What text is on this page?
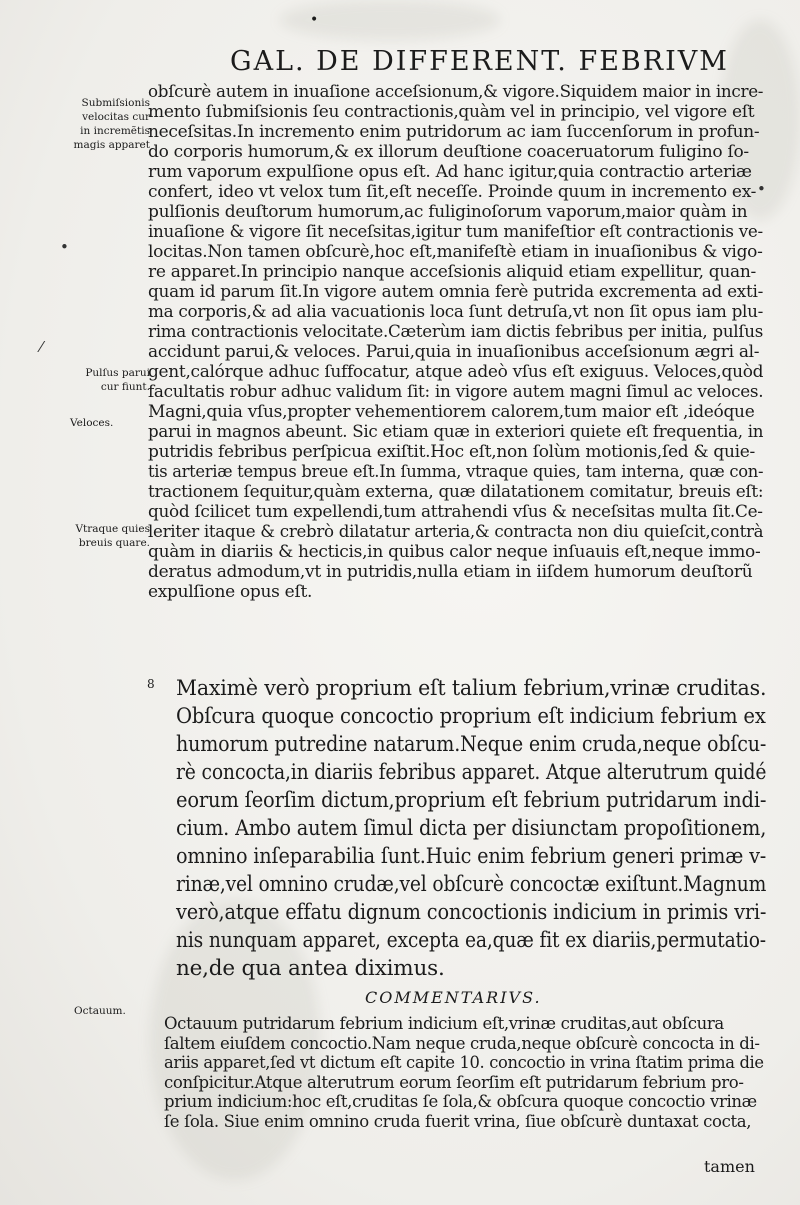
•
GAL. DE DIFFERENT. FEBRIVM
Submiſsionis
velocitas cur
in incremẽtis
magis apparet
Pulſus parui
cur fiunt.
Veloces.
Vtraque quies
breuis quare.
Octauum.
•
⁄
•
obſcurè autem in inuaſione acceſsionum,& vigore.Siquidem maior in incre-
mento ſubmiſsionis ſeu contractionis,quàm vel in principio, vel vigore eſt
neceſsitas.In incremento enim putridorum ac iam ſuccenſorum in profun-
do corporis humorum,& ex illorum deuſtione coaceruatorum fuligino ſo-
rum vaporum expulſione opus eſt. Ad hanc igitur,quia contractio arteriæ
confert, ideo vt velox tum ſit,eſt neceſſe. Proinde quum in incremento ex-
pulſionis deuſtorum humorum,ac fuliginoſorum vaporum,maior quàm in
inuaſione & vigore ſit neceſsitas,igitur tum manifeſtior eſt contractionis ve-
locitas.Non tamen obſcurè,hoc eſt,manifeſtè etiam in inuaſionibus & vigo-
re apparet.In principio nanque acceſsionis aliquid etiam expellitur, quan-
quam id parum ſit.In vigore autem omnia ferè putrida excrementa ad exti-
ma corporis,& ad alia vacuationis loca ſunt detruſa,vt non ſit opus iam plu-
rima contractionis velocitate.Cæterùm iam dictis febribus per initia, pulſus
accidunt parui,& veloces. Parui,quia in inuaſionibus acceſsionum ægri al-
gent,calórque adhuc ſuffocatur, atque adeò vſus eſt exiguus. Veloces,quòd
facultatis robur adhuc validum ſit: in vigore autem magni ſimul ac veloces.
Magni,quia vſus,propter vehementiorem calorem,tum maior eſt ,ideóque
parui in magnos abeunt. Sic etiam quæ in exteriori quiete eſt frequentia, in
putridis febribus perſpicua exiſtit.Hoc eſt,non ſolùm motionis,ſed & quie-
tis arteriæ tempus breue eſt.In ſumma, vtraque quies, tam interna, quæ con-
tractionem ſequitur,quàm externa, quæ dilatationem comitatur, breuis eſt:
quòd ſcilicet tum expellendi,tum attrahendi vſus & neceſsitas multa ſit.Ce-
leriter itaque & crebrò dilatatur arteria,& contracta non diu quieſcit,contrà
quàm in diariis & hecticis,in quibus calor neque inſuauis eſt,neque immo-
deratus admodum,vt in putridis,nulla etiam in iiſdem humorum deuſtorũ
expulſione opus eſt.
8 Maximè verò proprium eſt talium febrium,vrinæ cruditas.
Obſcura quoque concoctio proprium eſt indicium febrium ex
humorum putredine natarum.Neque enim cruda,neque obſcu-
rè concocta,in diariis febribus apparet. Atque alterutrum quidé
eorum ſeorſim dictum,proprium eſt febrium putridarum indi-
cium. Ambo autem ſimul dicta per disiunctam propoſitionem,
omnino inſeparabilia ſunt.Huic enim febrium generi primæ v-
rinæ,vel omnino crudæ,vel obſcurè concoctæ exiſtunt.Magnum
verò,atque effatu dignum concoctionis indicium in primis vri-
nis nunquam apparet, excepta ea,quæ fit ex diariis,permutatio-
ne,de qua antea diximus.
COMMENTARIVS.
Octauum putridarum febrium indicium eſt,vrinæ cruditas,aut obſcura
ſaltem eiuſdem concoctio.Nam neque cruda,neque obſcurè concocta in di-
ariis apparet,ſed vt dictum eſt capite 10. concoctio in vrina ſtatim prima die
conſpicitur.Atque alterutrum eorum ſeorſim eſt putridarum febrium pro-
prium indicium:hoc eſt,cruditas ſe ſola,& obſcura quoque concoctio vrinæ
ſe ſola. Siue enim omnino cruda fuerit vrina, ſiue obſcurè duntaxat cocta,
tamen
